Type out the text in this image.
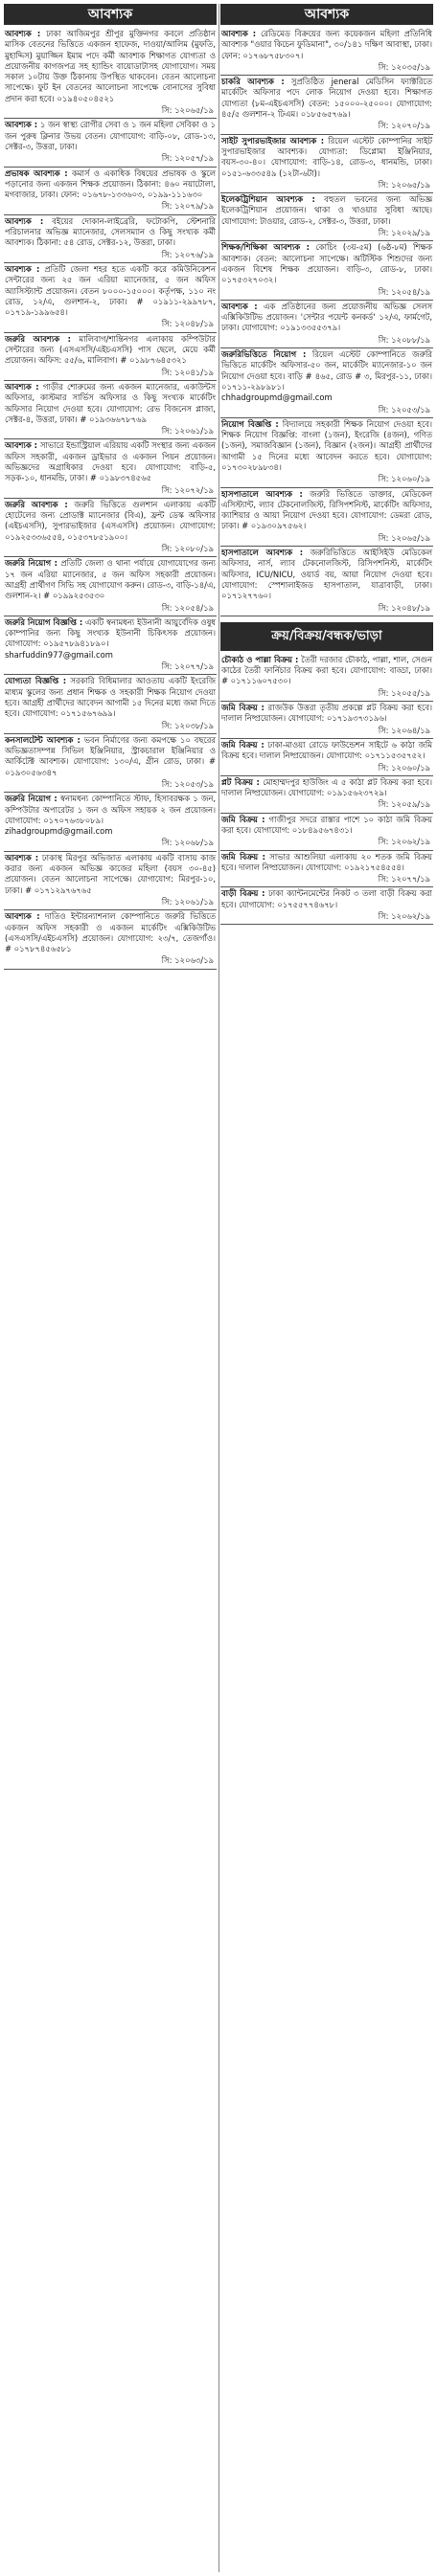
আবশ্যক
আবশ্যক : ঢাকা আজিমপুর শ্রীপুর মুক্তিনগর কবলে প্রতিষ্ঠান মাসিক বেতনের ভিত্তিতে একজন হাফেজ, দাওয়া/আলিম (মুফতি, মুহাদ্দিস) মুয়াজ্জিন ইমাম পদে কর্মী আবশ্যক শিক্ষাগত যোগ্যতা ও প্রয়োজনীয় কাগজপত্র সহ হ্যান্ডিং বায়োডাটাসহ যোগাযোগ। সময় সকাল ১০টায় উক্ত ঠিকানায় উপস্থিত থাকবেন। বেতন আলোচনা সাপেক্ষে। ফুট ইন বেতনের আলোচনা সাপেক্ষে বোনাসের সুবিধা প্রদান করা হবে। ০১৯৪০৫০৪৫২১
সি: ১২০৬৫/১৯
আবশ্যক : ১ জন স্বাস্থ্য রোগীর সেবা ও ১ জন মহিলা সেবিকা ও ১ জন পুরুষ ক্লিনার উভয় বেতন। যোগাযোগ: বাড়ি-০৮, রোড-১৩, সেক্টর-৩, উত্তরা, ঢাকা।
সি: ১২০৫৭/১৯
প্রভাষক আবশ্যক : কমার্স ও একাধিক বিষয়ের প্রভাষক ও স্কুলে পড়ানোর জন্য একজন শিক্ষক প্রয়োজন। ঠিকানা: ৪৬০ নয়াটোলা, মগবাজার, ঢাকা। ফোন: ০১৬৭৮-১৩৩৬০৩, ০১৯৯-১১১৬৩০
সি: ১২০৭৯/১৯
আবশ্যক : বইয়ের দোকান-লাইব্রেরি, ফটোকপি, স্টেশনারি পরিচালনার অভিজ্ঞ ম্যানেজার, সেলসম্যান ও কিছু সংখ্যক কর্মী আবশ্যক। ঠিকানা: ৫৪ রোড, সেক্টর-১২, উত্তরা, ঢাকা।
সি: ১২০৭৬/১৯
আবশ্যক : প্রতিটি জেলা শহর হতে একটি করে কমিউনিকেশন সেন্টারের জন্য ২৫ জন এরিয়া ম্যানেজার, ৫ জন অফিস অ্যাসিস্ট্যান্ট প্রয়োজন। বেতন ৮০০০-১৫০০০। কর্তৃপক্ষ, ১১০ নং রোড, ১২/এ, গুলশান-২, ঢাকা। # ০১৯১১-২৯৯৭৮৭, ০১৭১৯-১৯৯৬৫৪।
সি: ১২০৪৮/১৯
জরুরি আবশ্যক : মালিবাগ/শান্তিনগর এলাকায় কম্পিউটার সেন্টারের জন্য (এসএসসি/এইচএসসি) পাস ছেলে, মেয়ে কর্মী প্রয়োজন। অফিস: ৫৫/৬, মালিবাগ। # ০১৯৮৭৬৪৫৩২১
সি: ১২০৪১/১৯
আবশ্যক : গাড়ীর শোরুমের জন্য একজন ম্যানেজার, একাউন্টস অফিসার, কাস্টমার সার্ভিস অফিসার ও কিছু সংখ্যক মার্কেটিং অফিসার নিয়োগ দেওয়া হবে। যোগাযোগ: রেভ বিজনেস প্লাজা, সেক্টর-৪, উত্তরা, ঢাকা। # ০১৯৩৬৬৭৮৭৬৯
সি: ১২০৬১/১৯
আবশ্যক : সাভারে ইন্ডাস্ট্রিয়াল এরিয়ায় একটি সংস্থার জন্য একজন অফিস সহকারী, একজন ড্রাইভার ও একজন পিয়ন প্রয়োজন। অভিজ্ঞদের অগ্রাধিকার দেওয়া হবে। যোগাযোগ: বাড়ি-৫, সড়ক-১০, ধানমন্ডি, ঢাকা। # ০১৯৮৩৭৪৫৬৫
সি: ১২০৭২/১৯
জরুরি আবশ্যক : জরুরি ভিত্তিতে গুলশান এলাকায় একটি হোটেলের জন্য প্রোডাক্ট ম্যানেজার (বিএ), ফ্রন্ট ডেস্ক অফিসার (এইচএসসি), সুপারভাইজার (এসএসসি) প্রয়োজন। যোগাযোগ: ০১৯২৫৩৩৬৫৫৪, ০১৫৩৭৮৫১৯০০।
সি: ১২০৮০/১৯
জরুরি নিয়োগ : প্রতিটি জেলা ও থানা পর্যায়ে যোগাযোগের জন্য ১৭ জন এরিয়া ম্যানেজার, ৫ জন অফিস সহকারী প্রয়োজন। আগ্রহী প্রার্থীগণ সিভি সহ যোগাযোগ করুন। রোড-৩, বাড়ি-১৪/এ, গুলশান-২। # ০১৯৯২৫৩৫৩০
সি: ১২০৫৪/১৯
জরুরি নিয়োগ বিজ্ঞপ্তি : একটি স্বনামধন্য ইউনানী আয়ুর্বেদিক ওষুধ কোম্পানির জন্য কিছু সংখ্যক ইউনানী চিকিৎসক প্রয়োজন। যোগাযোগ: ০১৯৫৭৮৯৪১৮৯০।
sharfuddin977@gmail.com
সি: ১২০৭৭/১৯
যোগ্যতা বিজ্ঞপ্তি : সরকারি বিধিমালার আওতায় একটি ইংরেজি মাধ্যম স্কুলের জন্য প্রধান শিক্ষক ও সহকারী শিক্ষক নিয়োগ দেওয়া হবে। আগ্রহী প্রার্থীদের আবেদন আগামী ১৫ দিনের মধ্যে জমা দিতে হবে। যোগাযোগ: ০১৭১৫৬৭৬৯৯।
সি: ১২০৩৮/১৯
কনসালটেন্ট আবশ্যক : ভবন নির্মাণের জন্য কমপক্ষে ১০ বছরের অভিজ্ঞতাসম্পন্ন সিভিল ইঞ্জিনিয়ার, স্ট্রাকচারাল ইঞ্জিনিয়ার ও আর্কিটেক্ট আবশ্যক। যোগাযোগ: ১৩০/এ, গ্রীন রোড, ঢাকা। # ০১৯৩০৫৬৩৪৭
সি: ১২০৫৩/১৯
জরুরি নিয়োগ : স্বনামধন্য কোম্পানিতে স্টাফ, হিসাবরক্ষক ১ জন, কম্পিউটার অপারেটর ১ জন ও অফিস সহায়ক ২ জন প্রয়োজন। যোগাযোগ: ০১৭০৭৬৩৮০৮৯।
zihadgroupmd@gmail.com
সি: ১২০৬৮/১৯
আবশ্যক : ঢাকাস্থ মিরপুর অভিজাত এলাকায় একটি বাসায় কাজ করার জন্য একজন অভিজ্ঞ কাজের মহিলা (বয়স ৩০-৪৫) প্রয়োজন। বেতন আলোচনা সাপেক্ষে। যোগাযোগ: মিরপুর-১০, ঢাকা। # ০১৭১২৯৭৬৭৬৫
সি: ১২০৬১/১৯
আবশ্যক : দাতিও ইন্টারন্যাশনাল কোম্পানিতে জরুরি ভিত্তিতে একজন অফিস সহকারী ও একজন মার্কেটিং এক্সিকিউটিভ (এসএসসি/এইচএসসি) প্রয়োজন। যোগাযোগ: ২৩/৭, তেজগাঁও। # ০১৭৮৭৪৫৬৫৮১
সি: ১২০৬৩/১৯
আবশ্যক
আবশ্যক : রেডিমেড বিক্রয়ের জন্য কয়েকজন মহিলা প্রতিনিধি আবশ্যক "ওয়ার কিচেন ফুডিমানা", ৩০/১৪১ দক্ষিণ আবাস্থা, ঢাকা। ফোন: ০১৭৬৮৭৫৮৩০৭।
সি: ১২০৩৫/১৯
চাকরি আবশ্যক : সুপ্রতিষ্ঠিত jeneral মেডিসিন ফ্যাক্টরিতে মার্কেটিং অফিসার পদে লোক নিয়োগ দেওয়া হবে। শিক্ষাগত যোগ্যতা (৮ম-এইচএসসি) বেতন: ১৫০০০-২৫০০০। যোগাযোগ: ৪৫/৫ গুলশান-২ ঢিএম। ০১৮৫৬৫৭৬৯।
সি: ১২০৭০/১৯
সাইট সুপারভাইজার আবশ্যক : রিয়েল এস্টেট কোম্পানির সাইট সুপারভাইজার আবশ্যক। যোগ্যতা: ডিপ্লোমা ইঞ্জিনিয়ার, বয়স-৩০-৪০। যোগাযোগ: বাড়ি-১৪, রোড-৩, ধানমন্ডি, ঢাকা। ০১৫১-৬৩৩৫৪৯ (১২টা-৬টা)।
সি: ১২০৬৫/১৯
ইলেকট্রিশিয়ান আবশ্যক : বহুতল ভবনের জন্য অভিজ্ঞ ইলেকট্রিশিয়ান প্রয়োজন। থাকা ও খাওয়ার সুবিধা আছে। যোগাযোগ: টাওয়ার, রোড-২, সেক্টর-৩, উত্তরা, ঢাকা।
সি: ১২০২৯/১৯
শিক্ষক/শিক্ষিকা আবশ্যক : কোচিং (৩য়-৫ম) (৬ষ্ঠ-৮ম) শিক্ষক আবশ্যক। বেতন: আলোচনা সাপেক্ষে। অটিস্টিক শিশুদের জন্য একজন বিশেষ শিক্ষক প্রয়োজন। বাড়ি-৩, রোড-৮, ঢাকা। ০১৭৫৩২৭০৩২।
সি: ১২০৫৪/১৯
আবশ্যক : এক প্রতিষ্ঠানের জন্য প্রয়োজনীয় অভিজ্ঞ সেলস এক্সিকিউটিভ প্রয়োজন। 'সেন্টার পয়েন্ট কনকর্ড' ১২/এ, ফার্মগেট, ঢাকা। যোগাযোগ: ০১৯১৩৩৫৫৩৭৯।
সি: ১২০৮৮/১৯
জরুরিভিত্তিতে নিয়োগ : রিয়েল এস্টেট কোম্পানিতে জরুরি ভিত্তিতে মার্কেটিং অফিসার-৫০ জন, মার্কেটিং ম্যানেজার-১০ জন নিয়োগ দেওয়া হবে। বাড়ি # ৪৬৫, রোড # ৩, মিরপুর-১১, ঢাকা। ০১৭১১-২৯৮৯৮১।
chhadgroupmd@gmail.com
সি: ১২০৫৩/১৯
নিয়োগ বিজ্ঞপ্তি : বিদ্যালয়ে সহকারী শিক্ষক নিয়োগ দেওয়া হবে। শিক্ষক নিয়োগ বিজ্ঞপ্তি: বাংলা (১জন), ইংরেজি (৪জন), গণিত (১জন), সমাজবিজ্ঞান (১জন), বিজ্ঞান (২জন)। আগ্রহী প্রার্থীদের আগামী ১৫ দিনের মধ্যে আবেদন করতে হবে। যোগাযোগ: ০১৭৩০২৮৯৮৩৪।
সি: ১২০৬০/১৯
হাসপাতালে আবশ্যক : জরুরি ভিত্তিতে ডাক্তার, মেডিকেল এসিস্ট্যান্ট, ল্যাব টেকনোলজিস্ট, রিসিপশনিস্ট, মার্কেটিং অফিসার, ক্যাশিয়ার ও আয়া নিয়োগ দেওয়া হবে। যোগাযোগ: ডেমরা রোড, ঢাকা। # ০১৯৩০৯৭৫৬২।
সি: ১২০৬৫/১৯
হাসপাতালে আবশ্যক : জরুরিভিত্তিতে আইসিইউ মেডিকেল অফিসার, নার্স, ল্যাব টেকনোলজিস্ট, রিসিপশনিস্ট, মার্কেটিং অফিসার, ICU/NICU, ওয়ার্ড বয়, আয়া নিয়োগ দেওয়া হবে। যোগাযোগ: স্পেশালাইজড হাসপাতাল, যাত্রাবাড়ী, ঢাকা। ০১৭১২৭৭৬০।
সি: ১২০৪৮/১৯
ক্রয়/বিক্রয়/বন্ধক/ভাড়া
চৌকাঠ ও পাল্লা বিক্রয় : তৈরী দরজার চৌকাঠ, পাল্লা, শাল, সেগুন কাঠের তৈরী ফার্নিচার বিক্রয় করা হবে। যোগাযোগ: বাড্ডা, ঢাকা। # ০১৭১১৬০৭৫৩০।
সি: ১২০৫৫/১৯
জমি বিক্রয় : রাজউক উত্তরা তৃতীয় প্রকল্পে প্লট বিক্রয় করা হবে। দালাল নিষ্প্রয়োজন। যোগাযোগ: ০১৭১৯৩৭৩১৯৬।
সি: ১২০৬৪/১৯
জমি বিক্রয় : ঢাকা-মাওয়া রোডে ফাউন্ডেশন সাইটে ৬ কাঠা জমি বিক্রয় হবে। দালাল নিষ্প্রয়োজন। যোগাযোগ: ০১৭১১৫৩৫৭৫২।
সি: ১২০৬০/১৯
প্লট বিক্রয় : মোহাম্মদপুর হাউজিং এ ৫ কাঠা প্লট বিক্রয় করা হবে। দালাল নিষ্প্রয়োজন। যোগাযোগ: ০১৯১৫৬২৩৭২৯।
সি: ১২০৫৯/১৯
জমি বিক্রয় : গাজীপুর সদরে রাস্তার পাশে ১০ কাঠা জমি বিক্রয় করা হবে। যোগাযোগ: ০১৮৪৯৫৬৭৪৩১।
সি: ১২০৬২/১৯
জমি বিক্রয় : সাভার আশুলিয়া এলাকায় ২০ শতক জমি বিক্রয় হবে। দালাল নিষ্প্রয়োজন। যোগাযোগ: ০১৯২১৭৫৪৫৫৪।
সি: ১২০৭৭/১৯
বাড়ী বিক্রয় : ঢাকা ক্যান্টনমেন্টের নিকট ৩ তলা বাড়ী বিক্রয় করা হবে। যোগাযোগ: ০১৭৫৫৭৭৪৬৭৮।
সি: ১২০৬২/১৯
